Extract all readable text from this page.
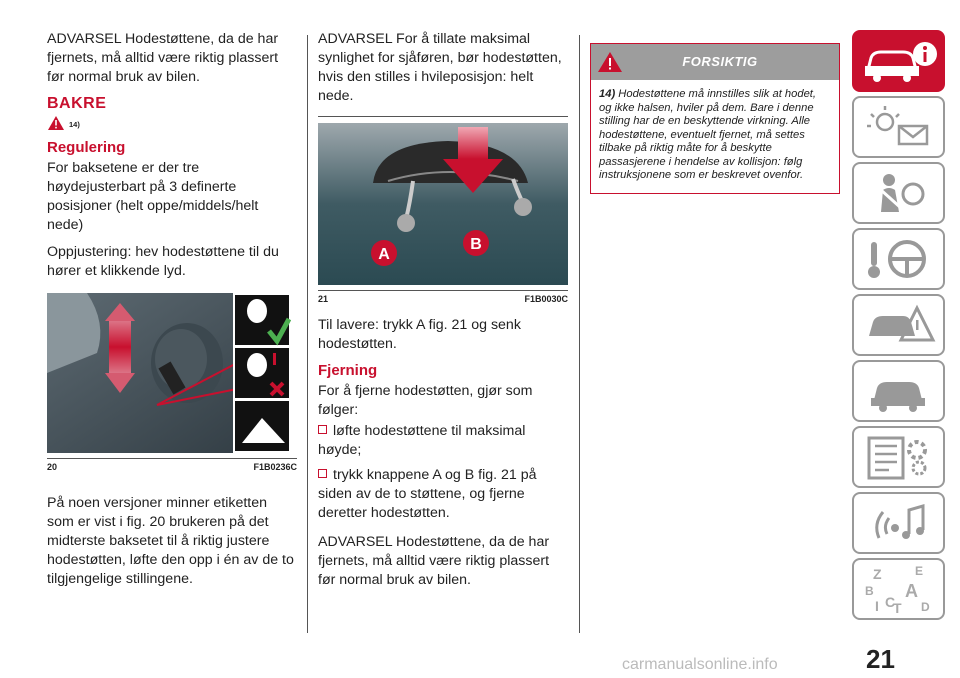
ADVARSEL Hodestøttene, da de har fjernets, må alltid være riktig plassert før normal bruk av bilen.

BAKRE
14)
Regulering

For baksetene er der tre høydejusterbart på 3 definerte posisjoner (helt oppe/middels/helt nede)

Oppjustering: hev hodestøttene til du hører et klikkende lyd.

20	F1B0236C

På noen versjoner minner etiketten som er vist i fig. 20 brukeren på det midterste baksetet til å riktig justere hodestøtten, løfte den opp i én av de to tilgjengelige stillingene.

ADVARSEL For å tillate maksimal synlighet for sjåføren, bør hodestøtten, hvis den stilles i hvileposisjon: helt nede.

A
B
21	F1B0030C

Til lavere: trykk A fig. 21 og senk hodestøtten.

Fjerning

For å fjerne hodestøtten, gjør som følger:

løfte hodestøttene til maksimal høyde;
trykk knappene A og B fig. 21 på siden av de to støttene, og fjerne deretter hodestøtten.

ADVARSEL Hodestøttene, da de har fjernets, må alltid være riktig plassert før normal bruk av bilen.

FORSIKTIG
14) Hodestøttene må innstilles slik at hodet, og ikke halsen, hviler på dem. Bare i denne stilling har de en beskyttende virkning. Alle hodestøttene, eventuelt fjernet, må settes tilbake på riktig måte for å beskytte passasjerene i hendelse av kollisjon: følg instruksjonene som er beskrevet ovenfor.
Z	E
B A
I C
T D
21
carmanualsonline.info
